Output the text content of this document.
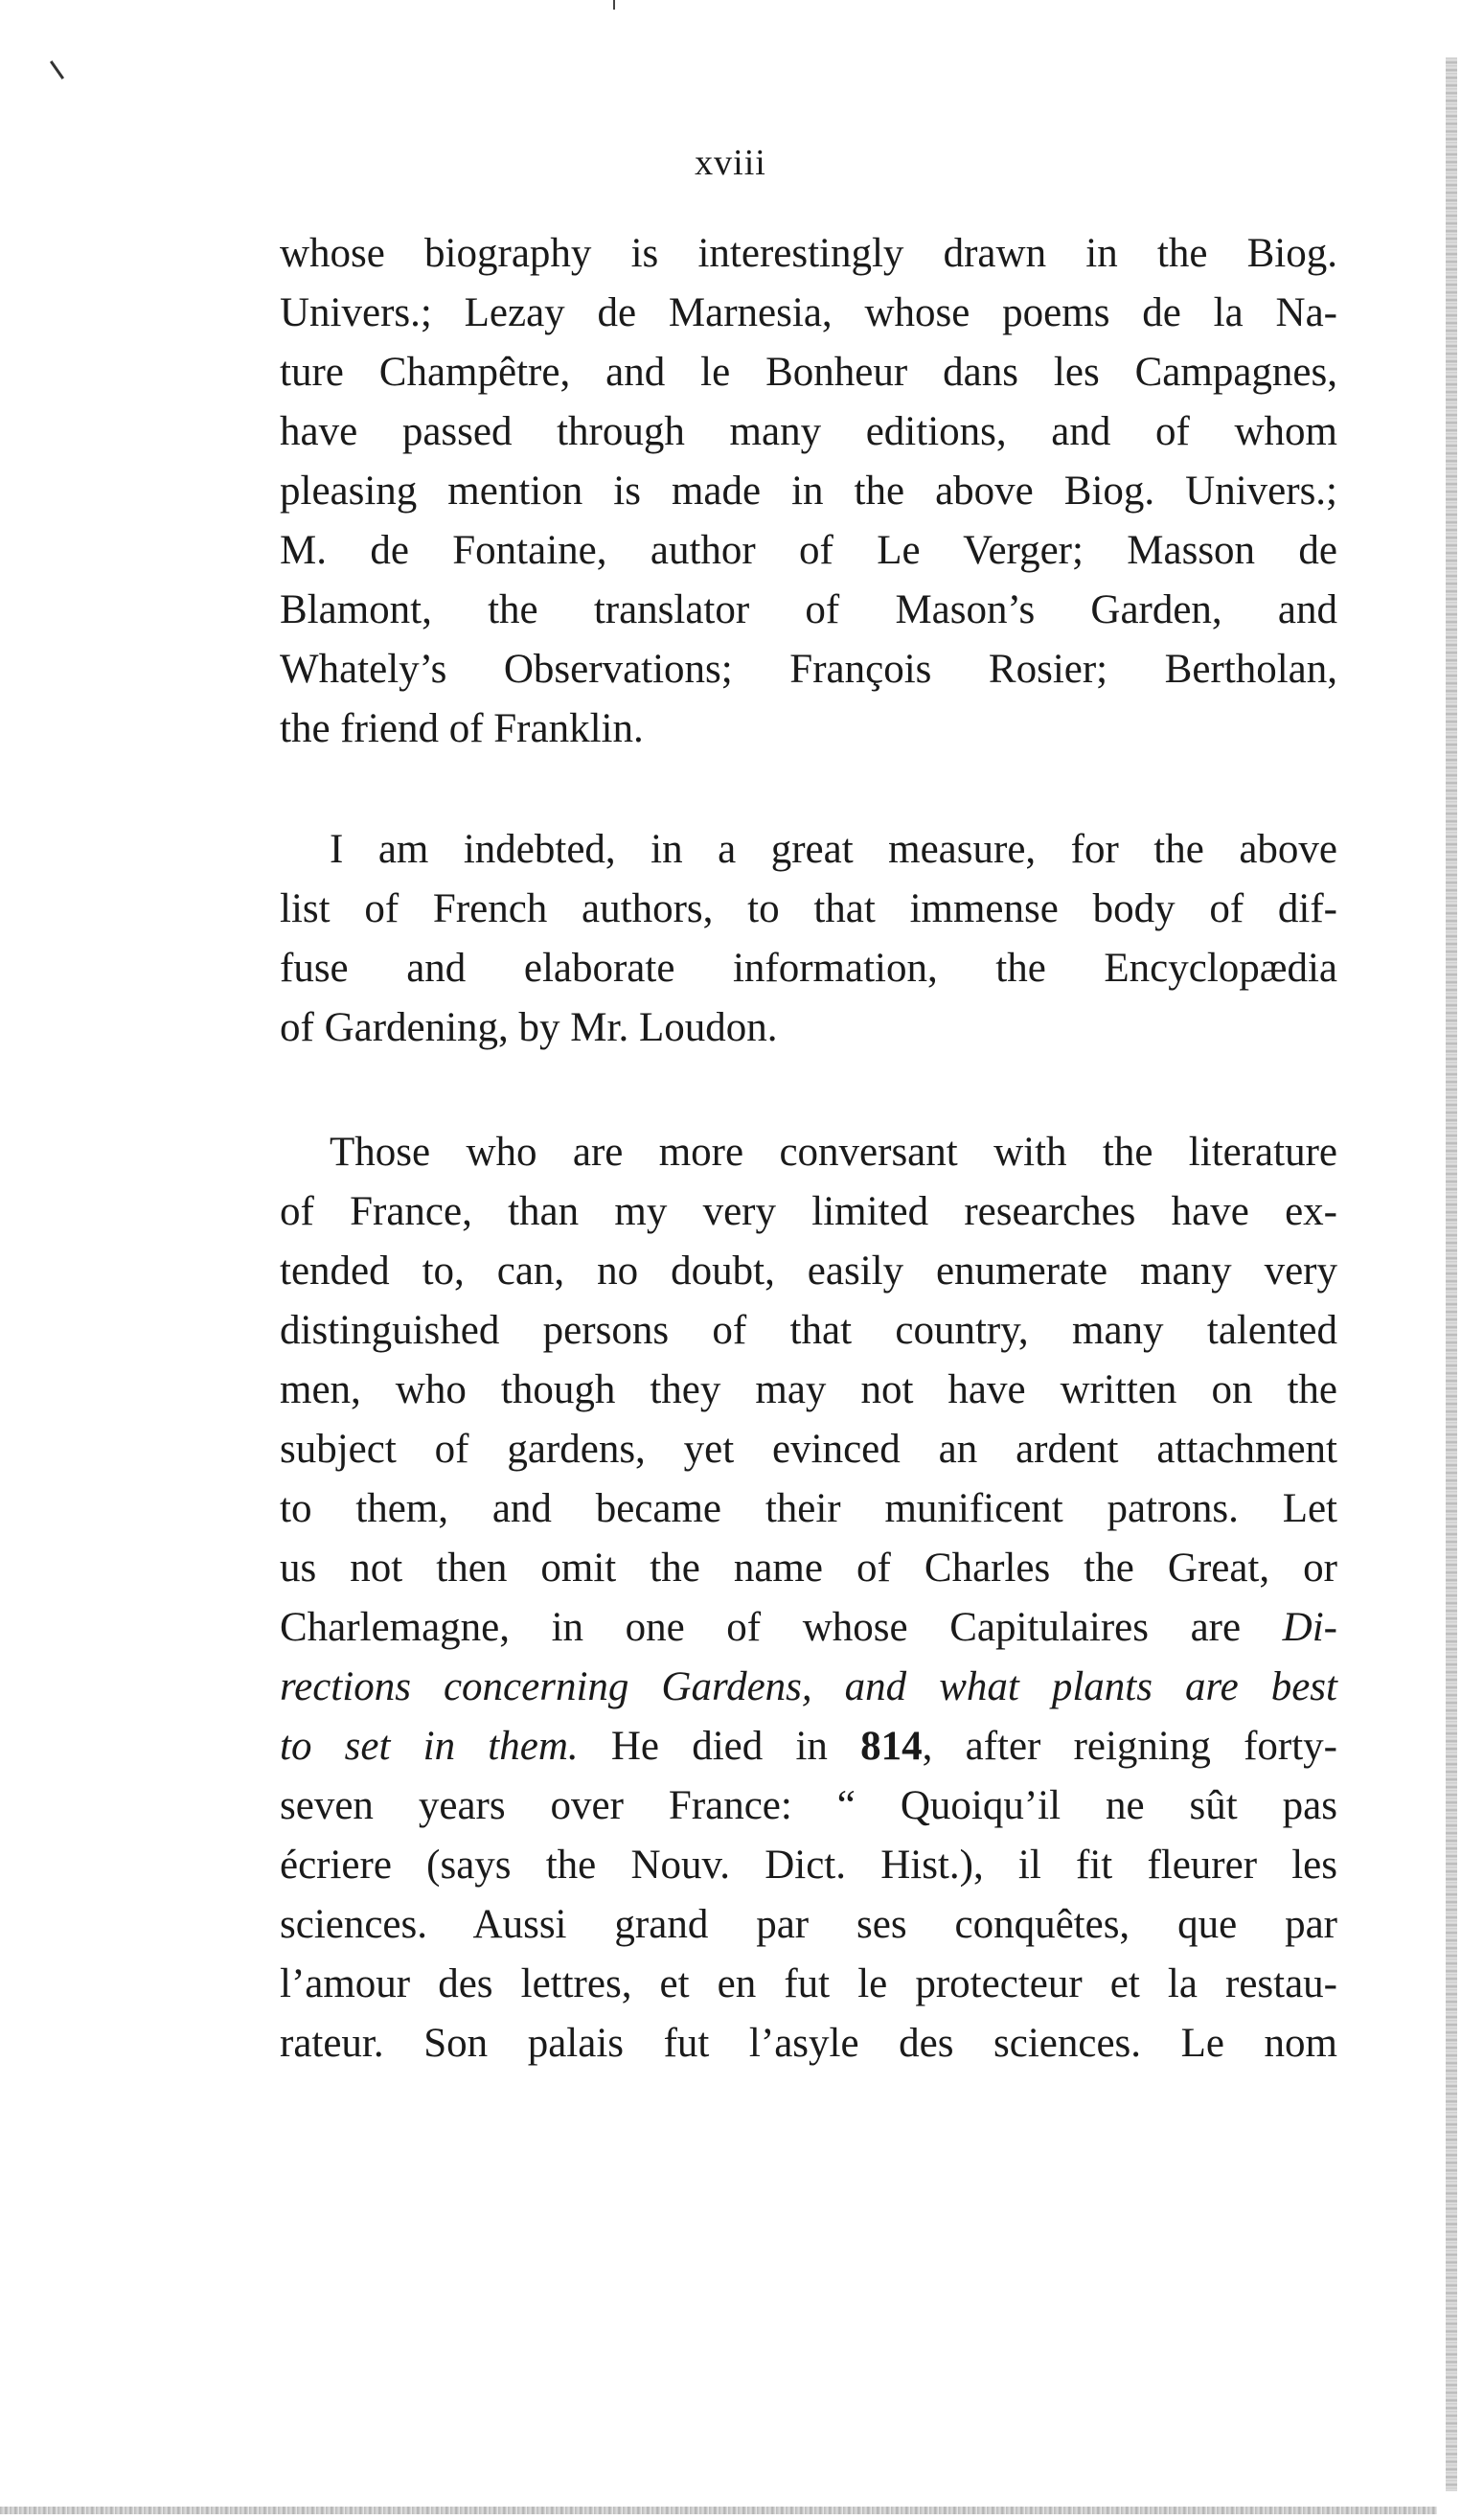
xviii
whose biography is interestingly drawn in the Biog.
Univers.; Lezay de Marnesia, whose poems de la Na-
ture Champêtre, and le Bonheur dans les Campagnes,
have passed through many editions, and of whom
pleasing mention is made in the above Biog. Univers.;
M. de Fontaine, author of Le Verger; Masson de
Blamont, the translator of Mason’s Garden, and
Whately’s Observations; François Rosier; Bertholan,
the friend of Franklin.
I am indebted, in a great measure, for the above
list of French authors, to that immense body of dif-
fuse and elaborate information, the Encyclopædia
of Gardening, by Mr. Loudon.
Those who are more conversant with the literature
of France, than my very limited researches have ex-
tended to, can, no doubt, easily enumerate many very
distinguished persons of that country, many talented
men, who though they may not have written on the
subject of gardens, yet evinced an ardent attachment
to them, and became their munificent patrons. Let
us not then omit the name of Charles the Great, or
Charlemagne, in one of whose Capitulaires are Di-
rections concerning Gardens, and what plants are best
to set in them. He died in 814, after reigning forty-
seven years over France: “ Quoiqu’il ne sût pas
écriere (says the Nouv. Dict. Hist.), il fit fleurer les
sciences. Aussi grand par ses conquêtes, que par
l’amour des lettres, et en fut le protecteur et la restau-
rateur. Son palais fut l’asyle des sciences. Le nom
